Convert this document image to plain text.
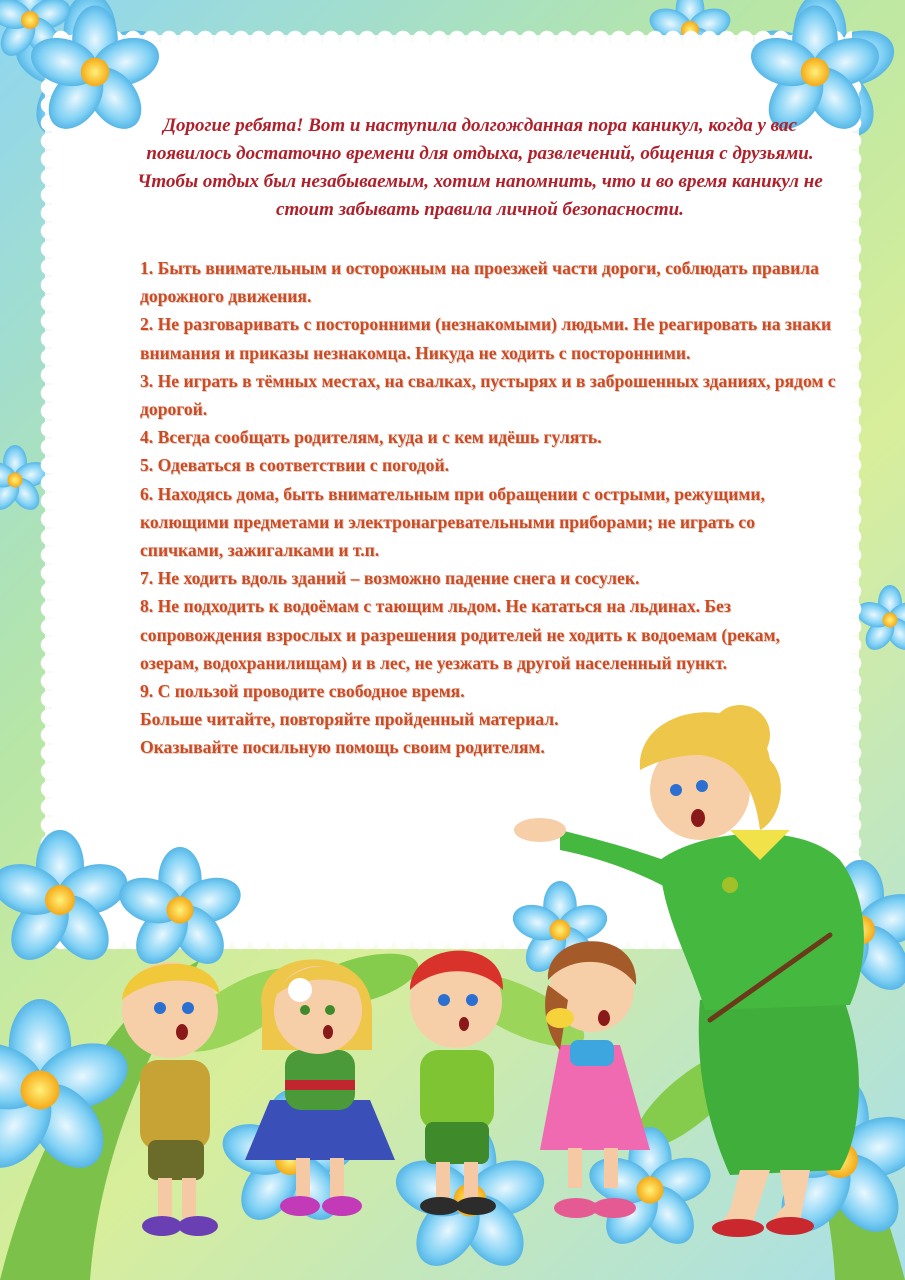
Дорогие ребята! Вот и наступила долгожданная пора каникул, когда у вас появилось достаточно времени для отдыха, развлечений, общения с друзьями. Чтобы отдых был незабываемым, хотим напомнить, что и во время каникул не стоит забывать правила личной безопасности.

1. Быть внимательным и осторожным на проезжей части дороги, соблюдать правила дорожного движения.
2. Не разговаривать с посторонними (незнакомыми) людьми. Не реагировать на знаки внимания и приказы незнакомца. Никуда не ходить с посторонними.
3. Не играть в тёмных местах, на свалках, пустырях и в заброшенных зданиях, рядом с дорогой.
4. Всегда сообщать родителям, куда и с кем идёшь гулять.
5. Одеваться в соответствии с погодой.
6. Находясь дома, быть внимательным при обращении с острыми, режущими, колющими предметами и электронагревательными приборами; не играть со спичками, зажигалками и т.п.
7. Не ходить вдоль зданий – возможно падение снега и сосулек.
8. Не подходить к водоёмам с тающим льдом. Не кататься на льдинах. Без сопровождения взрослых и разрешения родителей не ходить к водоемам (рекам, озерам, водохранилищам) и в лес, не уезжать в другой населенный пункт.
9. С пользой проводите свободное время.
Больше читайте, повторяйте пройденный материал.
Оказывайте посильную помощь своим родителям.
